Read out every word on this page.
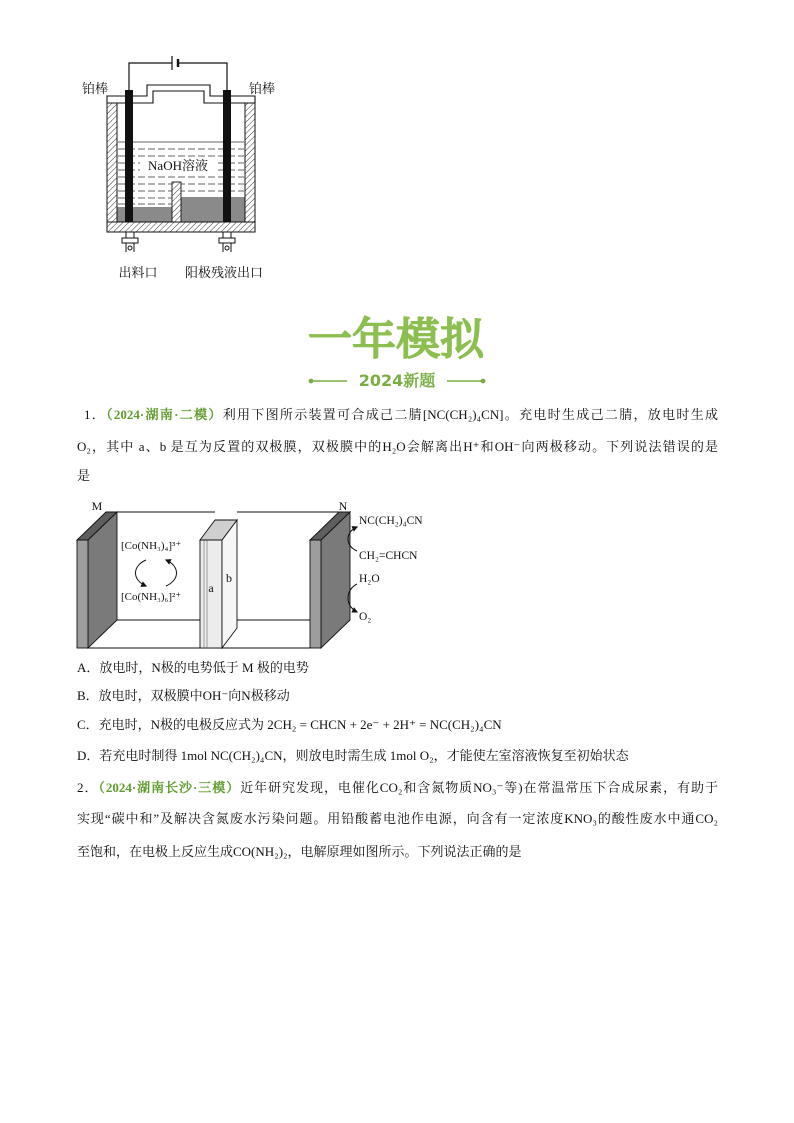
NaOH溶液
铂棒	铂棒
出料口 阳极残液出口
一年模拟
2024新题
1．（2024·湖南·二模）利用下图所示装置可合成己二腈[NC(CH₂)₄CN]。充电时生成己二腈，放电时生成
O₂，其中 a、b 是互为反置的双极膜，双极膜中的H₂O会解离出H⁺和OH⁻向两极移动。下列说法错误的是
是
M	N
[Co(NH₃)₄]³⁺
[Co(NH₃)₆]²⁺
a
b
NC(CH₂)₄CN
CH₂=CHCN
H₂O
O₂
A．放电时，N极的电势低于 M 极的电势
B．放电时，双极膜中OH⁻向N极移动
C．充电时，N极的电极反应式为 2CH₂ = CHCN + 2e⁻ + 2H⁺ = NC(CH₂)₄CN
D．若充电时制得 1mol NC(CH₂)₄CN，则放电时需生成 1mol O₂，才能使左室溶液恢复至初始状态
2．（2024·湖南长沙·三模）近年研究发现，电催化CO₂和含氮物质NO₃⁻等)在常温常压下合成尿素，有助于
实现“碳中和”及解决含氮废水污染问题。用铅酸蓄电池作电源，向含有一定浓度KNO₃的酸性废水中通CO₂
至饱和，在电极上反应生成CO(NH₂)₂，电解原理如图所示。下列说法正确的是
